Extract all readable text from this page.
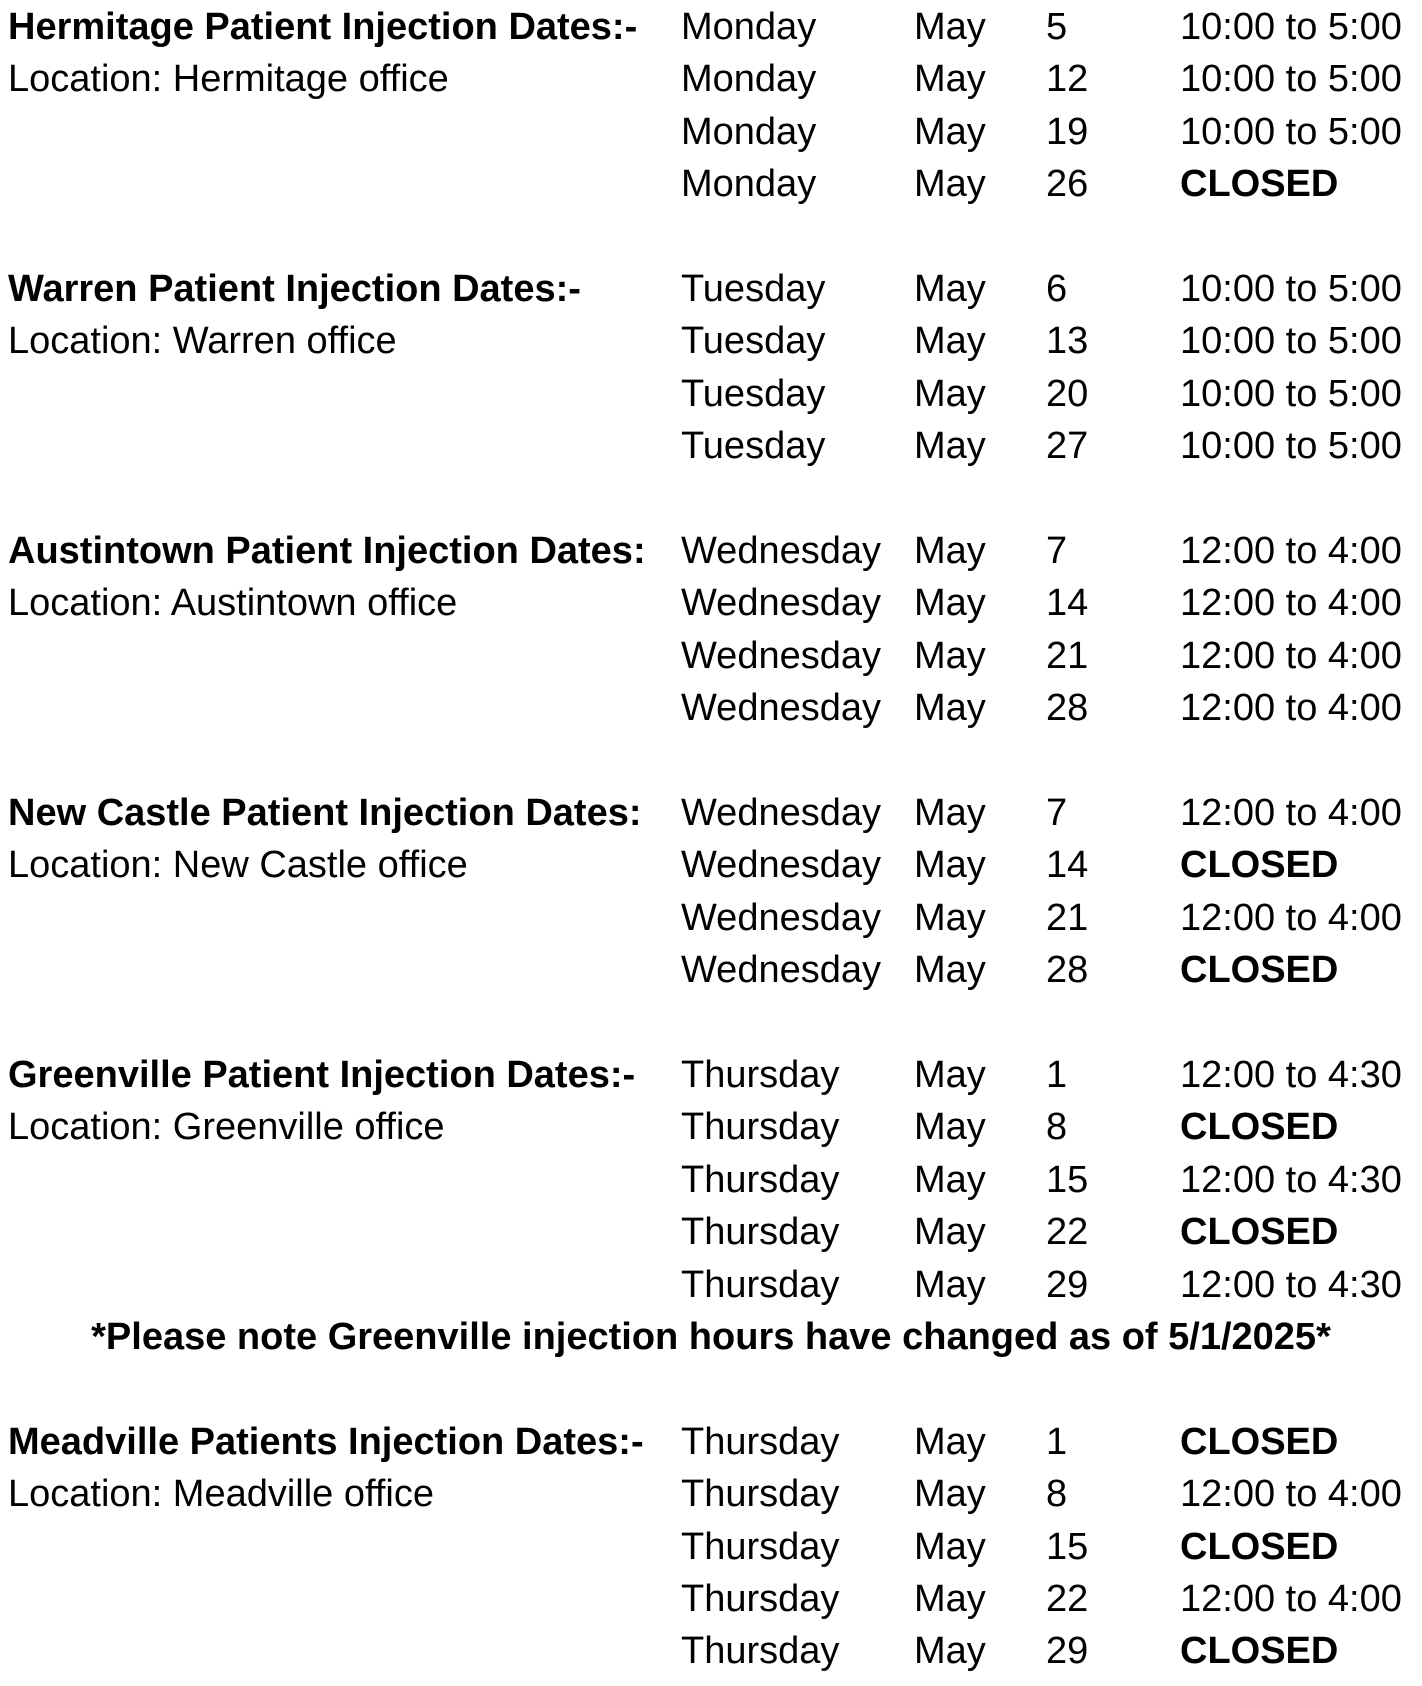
Hermitage Patient Injection Dates:- Monday	May 5	10:00 to 5:00
Location: Hermitage office	Monday	May 12 10:00 to 5:00
Monday	May 19 10:00 to 5:00
Monday	May 26 CLOSED
Warren Patient Injection Dates:-	Tuesday May 6	10:00 to 5:00
Location: Warren office	Tuesday May 13 10:00 to 5:00
Tuesday May 20 10:00 to 5:00
Tuesday May 27 10:00 to 5:00
Austintown Patient Injection Dates: Wednesday May 7	12:00 to 4:00
Location: Austintown office	Wednesday May 14 12:00 to 4:00
Wednesday May 21 12:00 to 4:00
Wednesday May 28 12:00 to 4:00
New Castle Patient Injection Dates: Wednesday May 7	12:00 to 4:00
Location: New Castle office	Wednesday May 14 CLOSED
Wednesday May 21 12:00 to 4:00
Wednesday May 28 CLOSED
Greenville Patient Injection Dates:- Thursday May 1	12:00 to 4:30
Location: Greenville office	Thursday May 8	CLOSED
Thursday May 15 12:00 to 4:30
Thursday May 22 CLOSED
Thursday May 29 12:00 to 4:30
*Please note Greenville injection hours have changed as of 5/1/2025*
Meadville Patients Injection Dates:- Thursday May 1	CLOSED
Location: Meadville office	Thursday May 8	12:00 to 4:00
Thursday May 15 CLOSED
Thursday May 22 12:00 to 4:00
Thursday May 29 CLOSED
